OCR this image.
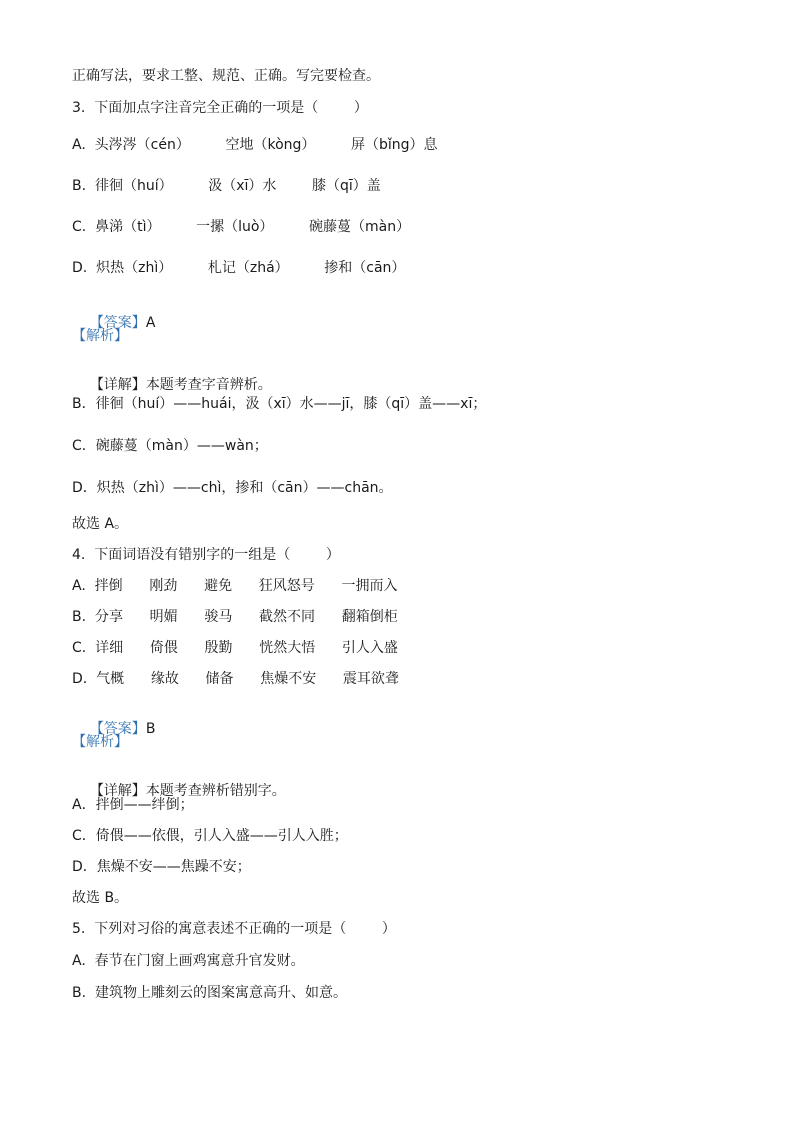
正确写法，要求工整、规范、正确。写完要检查。
3.  下面加点字注音完全正确的一项是（        ）
A.  头涔涔（cén）        空地（kòng）        屏（bǐng）息
B.  徘徊（huí）        汲（xī）水        膝（qī）盖
C.  鼻涕（tì）        一摞（luò）        碗藤蔓（màn）
D.  炽热（zhì）        札记（zhá）        掺和（cān）

【答案】A

【解析】

【详解】本题考查字音辨析。

B．徘徊（huí）——huái，汲（xī）水——jī，膝（qī）盖——xī；
C．碗藤蔓（màn）——wàn；
D．炽热（zhì）——chì，掺和（cān）——chān。
故选 A。
4.  下面词语没有错别字的一组是（        ）
A.  拌倒      刚劲      避免      狂风怒号      一拥而入
B.  分享      明媚      骏马      截然不同      翻箱倒柜
C.  详细      倚偎      殷勤      恍然大悟      引人入盛
D.  气概      缘故      储备      焦燥不安      震耳欲聋

【答案】B

【解析】

【详解】本题考查辨析错别字。

A．拌倒——绊倒；
C．倚偎——依偎，引人入盛——引人入胜；
D．焦燥不安——焦躁不安；
故选 B。
5.  下列对习俗的寓意表述不正确的一项是（        ）
A.  春节在门窗上画鸡寓意升官发财。
B.  建筑物上雕刻云的图案寓意高升、如意。
